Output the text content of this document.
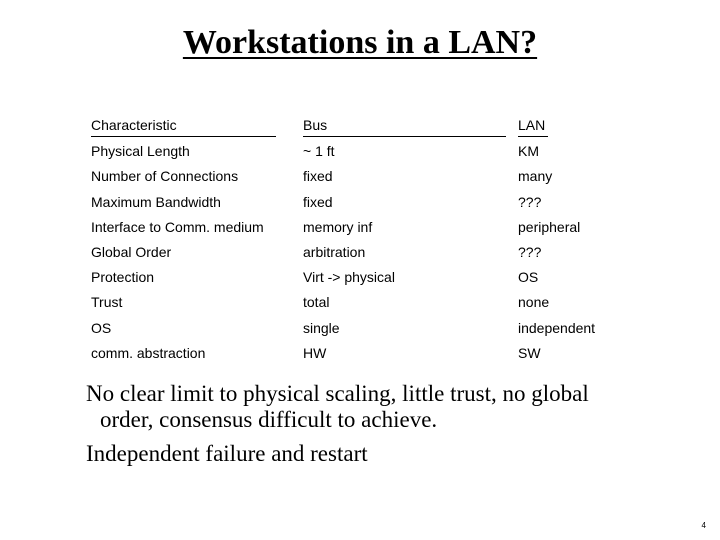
Workstations in a LAN?
Characteristic	Bus	LAN
Physical Length	~ 1 ft	KM
Number of Connections	fixed	many
Maximum Bandwidth	fixed	???
Interface to Comm. medium	memory inf	peripheral
Global Order	arbitration	???
Protection	Virt -> physical	OS
Trust	total	none
OS	single	independent
comm. abstraction	HW	SW
No clear limit to physical scaling, little trust, no global
order, consensus difficult to achieve.
Independent failure and restart
4
